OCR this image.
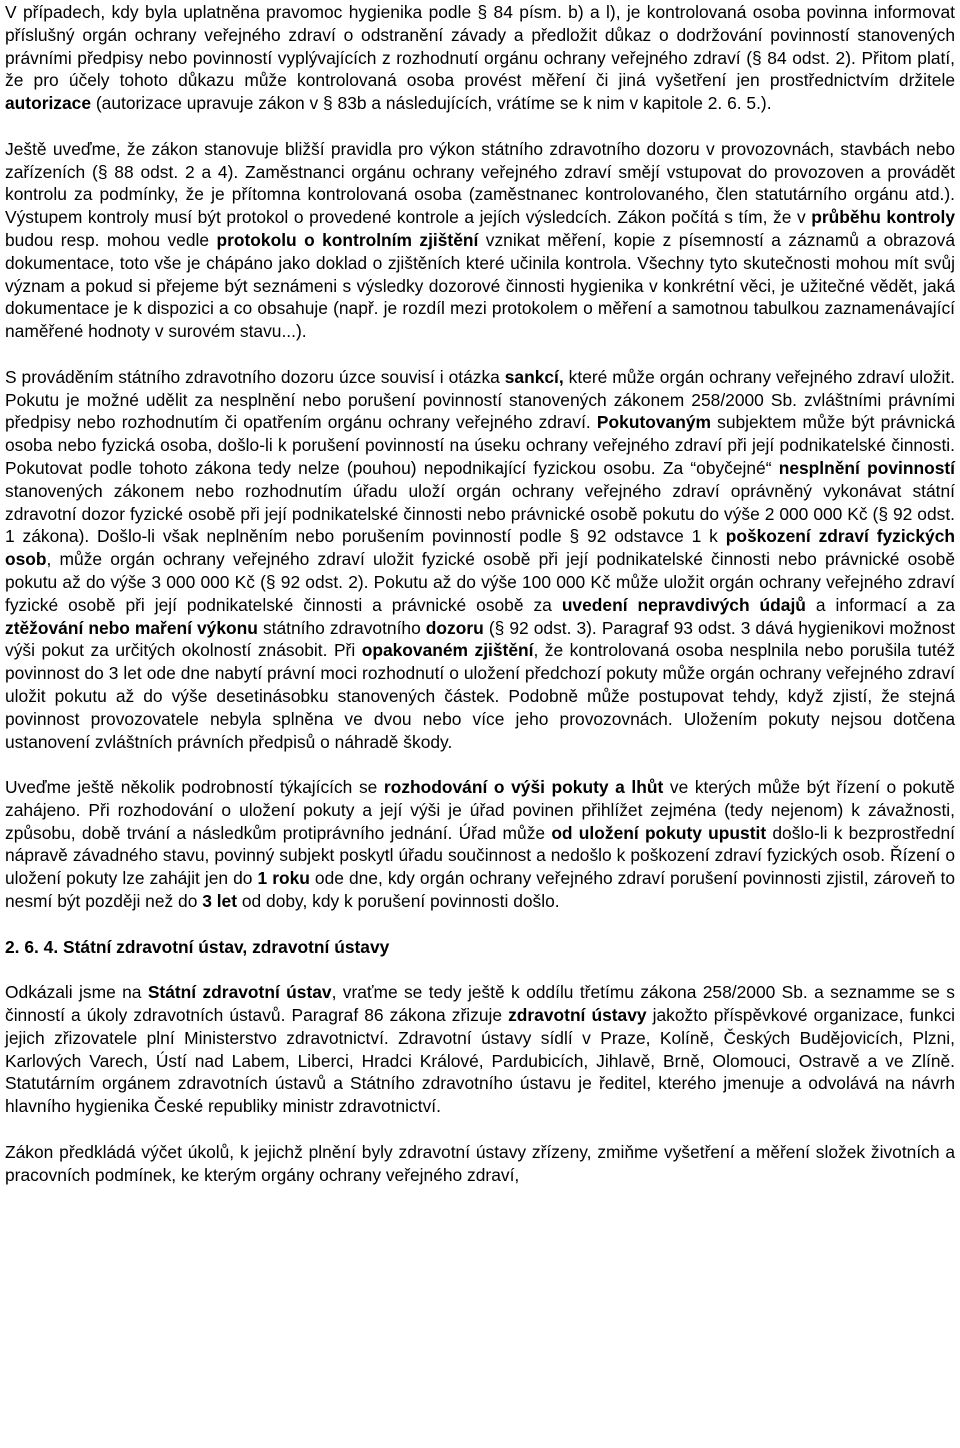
V případech, kdy byla uplatněna pravomoc hygienika podle § 84 písm. b) a l), je kontrolovaná osoba povinna informovat příslušný orgán ochrany veřejného zdraví o odstranění závady a předložit důkaz o dodržování povinností stanovených právními předpisy nebo povinností vyplývajících z rozhodnutí orgánu ochrany veřejného zdraví (§ 84 odst. 2). Přitom platí, že pro účely tohoto důkazu může kontrolovaná osoba provést měření či jiná vyšetření jen prostřednictvím držitele autorizace (autorizace upravuje zákon v § 83b a následujících, vrátíme se k nim v kapitole 2. 6. 5.).

Ještě uveďme, že zákon stanovuje bližší pravidla pro výkon státního zdravotního dozoru v provozovnách, stavbách nebo zařízeních (§ 88 odst. 2 a 4). Zaměstnanci orgánu ochrany veřejného zdraví smějí vstupovat do provozoven a provádět kontrolu za podmínky, že je přítomna kontrolovaná osoba (zaměstnanec kontrolovaného, člen statutárního orgánu atd.). Výstupem kontroly musí být protokol o provedené kontrole a jejích výsledcích. Zákon počítá s tím, že v průběhu kontroly budou resp. mohou vedle protokolu o kontrolním zjištění vznikat měření, kopie z písemností a záznamů a obrazová dokumentace, toto vše je chápáno jako doklad o zjištěních které učinila kontrola. Všechny tyto skutečnosti mohou mít svůj význam a pokud si přejeme být seznámeni s výsledky dozorové činnosti hygienika v konkrétní věci, je užitečné vědět, jaká dokumentace je k dispozici a co obsahuje (např. je rozdíl mezi protokolem o měření a samotnou tabulkou zaznamenávající naměřené hodnoty v surovém stavu...).

S prováděním státního zdravotního dozoru úzce souvisí i otázka sankcí, které může orgán ochrany veřejného zdraví uložit. Pokutu je možné udělit za nesplnění nebo porušení povinností stanovených zákonem 258/2000 Sb. zvláštními právními předpisy nebo rozhodnutím či opatřením orgánu ochrany veřejného zdraví. Pokutovaným subjektem může být právnická osoba nebo fyzická osoba, došlo-li k porušení povinností na úseku ochrany veřejného zdraví při její podnikatelské činnosti. Pokutovat podle tohoto zákona tedy nelze (pouhou) nepodnikající fyzickou osobu. Za “obyčejné“ nesplnění povinností stanovených zákonem nebo rozhodnutím úřadu uloží orgán ochrany veřejného zdraví oprávněný vykonávat státní zdravotní dozor fyzické osobě při její podnikatelské činnosti nebo právnické osobě pokutu do výše 2 000 000 Kč (§ 92 odst. 1 zákona). Došlo-li však neplněním nebo porušením povinností podle § 92 odstavce 1 k poškození zdraví fyzických osob, může orgán ochrany veřejného zdraví uložit fyzické osobě při její podnikatelské činnosti nebo právnické osobě pokutu až do výše 3 000 000 Kč (§ 92 odst. 2). Pokutu až do výše 100 000 Kč může uložit orgán ochrany veřejného zdraví fyzické osobě při její podnikatelské činnosti a právnické osobě za uvedení nepravdivých údajů a informací a za ztěžování nebo maření výkonu státního zdravotního dozoru (§ 92 odst. 3). Paragraf 93 odst. 3 dává hygienikovi možnost výši pokut za určitých okolností znásobit. Při opakovaném zjištění, že kontrolovaná osoba nesplnila nebo porušila tutéž povinnost do 3 let ode dne nabytí právní moci rozhodnutí o uložení předchozí pokuty může orgán ochrany veřejného zdraví uložit pokutu až do výše desetinásobku stanovených částek. Podobně může postupovat tehdy, když zjistí, že stejná povinnost provozovatele nebyla splněna ve dvou nebo více jeho provozovnách. Uložením pokuty nejsou dotčena ustanovení zvláštních právních předpisů o náhradě škody.

Uveďme ještě několik podrobností týkajících se rozhodování o výši pokuty a lhůt ve kterých může být řízení o pokutě zahájeno. Při rozhodování o uložení pokuty a její výši je úřad povinen přihlížet zejména (tedy nejenom) k závažnosti, způsobu, době trvání a následkům protiprávního jednání. Úřad může od uložení pokuty upustit došlo-li k bezprostřední nápravě závadného stavu, povinný subjekt poskytl úřadu součinnost a nedošlo k poškození zdraví fyzických osob. Řízení o uložení pokuty lze zahájit jen do 1 roku ode dne, kdy orgán ochrany veřejného zdraví porušení povinnosti zjistil, zároveň to nesmí být později než do 3 let od doby, kdy k porušení povinnosti došlo.

2. 6. 4. Státní zdravotní ústav, zdravotní ústavy

Odkázali jsme na Státní zdravotní ústav, vraťme se tedy ještě k oddílu třetímu zákona 258/2000 Sb. a seznamme se s činností a úkoly zdravotních ústavů. Paragraf 86 zákona zřizuje zdravotní ústavy jakožto příspěvkové organizace, funkci jejich zřizovatele plní Ministerstvo zdravotnictví. Zdravotní ústavy sídlí v Praze, Kolíně, Českých Budějovicích, Plzni, Karlových Varech, Ústí nad Labem, Liberci, Hradci Králové, Pardubicích, Jihlavě, Brně, Olomouci, Ostravě a ve Zlíně. Statutárním orgánem zdravotních ústavů a Státního zdravotního ústavu je ředitel, kterého jmenuje a odvolává na návrh hlavního hygienika České republiky ministr zdravotnictví.

Zákon předkládá výčet úkolů, k jejichž plnění byly zdravotní ústavy zřízeny, zmiňme vyšetření a měření složek životních a pracovních podmínek, ke kterým orgány ochrany veřejného zdraví,
